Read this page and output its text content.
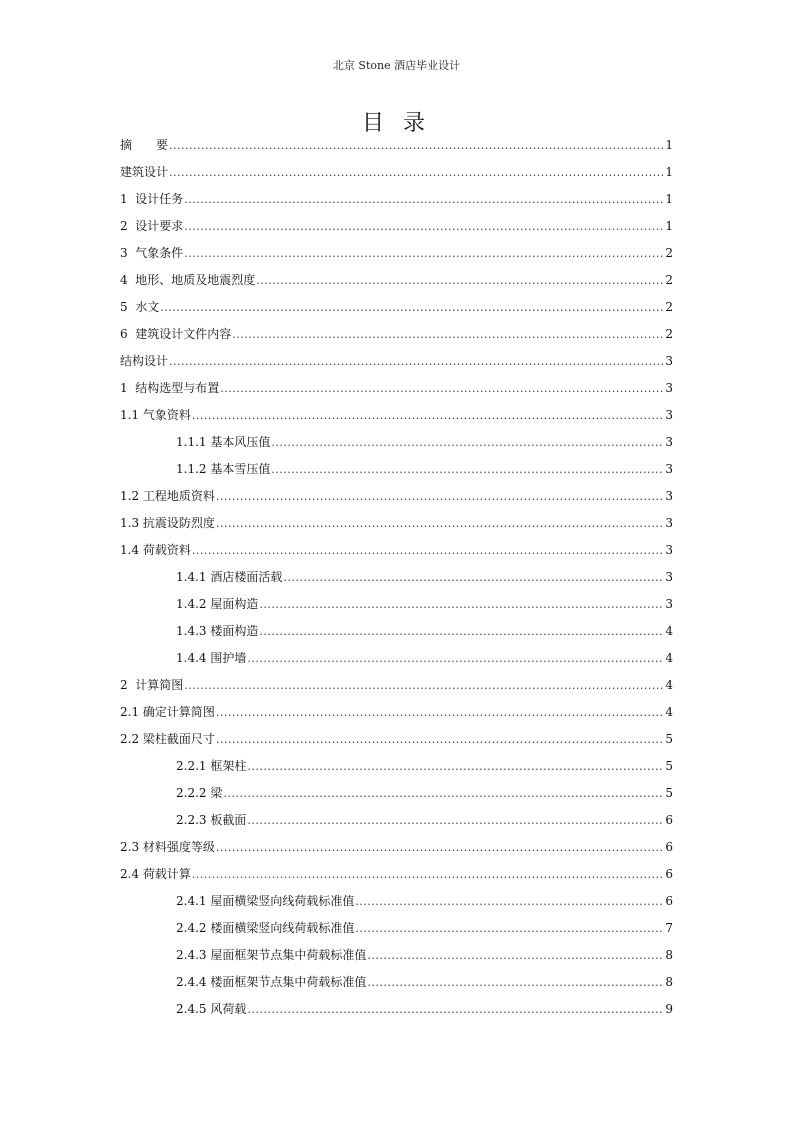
北京 Stone 酒店毕业设计
目 录
摘　　要 .....	1
建筑设计 .....	1
1  设计任务 .....	1
2  设计要求 .....	1
3  气象条件 .....	2
4  地形、地质及地震烈度 .....	2
5  水文 .....	2
6  建筑设计文件内容 .....	2
结构设计 .....	3
1  结构选型与布置 .....	3
1.1 气象资料 .....	3
1.1.1 基本风压值 .....	3
1.1.2 基本雪压值 .....	3
1.2 工程地质资料 .....	3
1.3 抗震设防烈度 .....	3
1.4 荷载资料 .....	3
1.4.1 酒店楼面活载 .....	3
1.4.2 屋面构造 .....	3
1.4.3 楼面构造 .....	4
1.4.4 围护墙 .....	4
2  计算简图 .....	4
2.1 确定计算简图 .....	4
2.2 梁柱截面尺寸 .....	5
2.2.1 框架柱 .....	5
2.2.2 梁 .....	5
2.2.3 板截面 .....	6
2.3 材料强度等级 .....	6
2.4 荷载计算 .....	6
2.4.1 屋面横梁竖向线荷载标准值 .....	6
2.4.2 楼面横梁竖向线荷载标准值 .....	7
2.4.3 屋面框架节点集中荷载标准值 .....	8
2.4.4 楼面框架节点集中荷载标准值 .....	8
2.4.5 风荷载 .....	9
